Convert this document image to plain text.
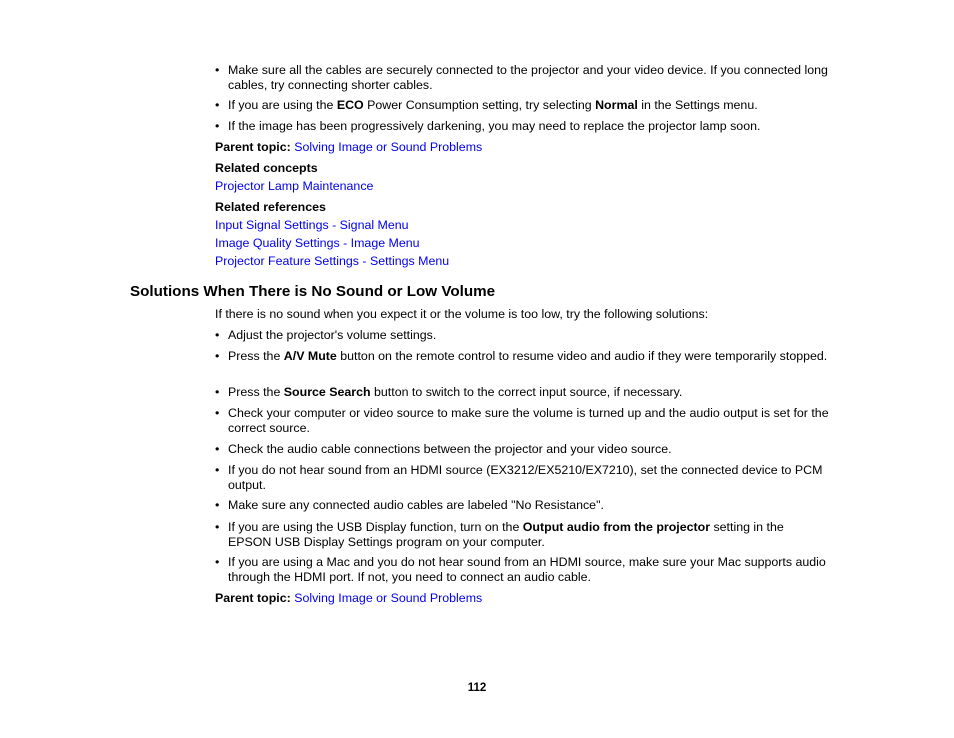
• Make sure all the cables are securely connected to the projector and your video device. If you connected long cables, try connecting shorter cables.
• If you are using the ECO Power Consumption setting, try selecting Normal in the Settings menu.
• If the image has been progressively darkening, you may need to replace the projector lamp soon.
Parent topic: Solving Image or Sound Problems
Related concepts
Projector Lamp Maintenance
Related references
Input Signal Settings - Signal Menu
Image Quality Settings - Image Menu
Projector Feature Settings - Settings Menu
Solutions When There is No Sound or Low Volume
If there is no sound when you expect it or the volume is too low, try the following solutions:
• Adjust the projector's volume settings.
• Press the A/V Mute button on the remote control to resume video and audio if they were temporarily stopped.
• Press the Source Search button to switch to the correct input source, if necessary.
• Check your computer or video source to make sure the volume is turned up and the audio output is set for the correct source.
• Check the audio cable connections between the projector and your video source.
• If you do not hear sound from an HDMI source (EX3212/EX5210/EX7210), set the connected device to PCM output.
• Make sure any connected audio cables are labeled "No Resistance".
• If you are using the USB Display function, turn on the Output audio from the projector setting in the EPSON USB Display Settings program on your computer.
• If you are using a Mac and you do not hear sound from an HDMI source, make sure your Mac supports audio through the HDMI port. If not, you need to connect an audio cable.
Parent topic: Solving Image or Sound Problems
112
